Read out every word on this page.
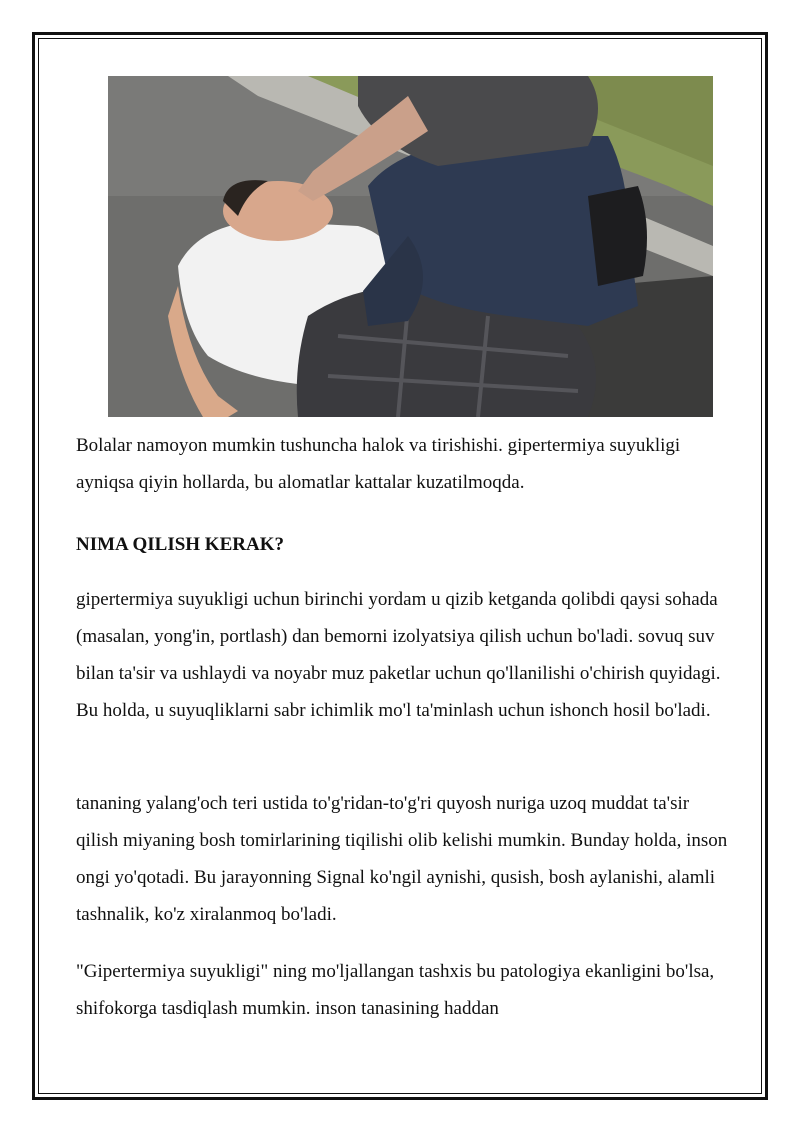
Bolalar namoyon mumkin tushuncha halok va tirishishi. gipertermiya suyukligi ayniqsa qiyin hollarda, bu alomatlar kattalar kuzatilmoqda.

NIMA QILISH KERAK?

gipertermiya suyukligi uchun birinchi yordam u qizib ketganda qolibdi qaysi sohada (masalan, yong'in, portlash) dan bemorni izolyatsiya qilish uchun bo'ladi. sovuq suv bilan ta'sir va ushlaydi va noyabr muz paketlar uchun qo'llanilishi o'chirish quyidagi. Bu holda, u suyuqliklarni sabr ichimlik mo'l ta'minlash uchun ishonch hosil bo'ladi.

tananing yalang'och teri ustida to'g'ridan-to'g'ri quyosh nuriga uzoq muddat ta'sir qilish miyaning bosh tomirlarining tiqilishi olib kelishi mumkin. Bunday holda, inson ongi yo'qotadi. Bu jarayonning Signal ko'ngil aynishi, qusish, bosh aylanishi, alamli tashnalik, ko'z xiralanmoq bo'ladi.

"Gipertermiya suyukligi" ning mo'ljallangan tashxis bu patologiya ekanligini bo'lsa, shifokorga tasdiqlash mumkin. inson tanasining haddan
